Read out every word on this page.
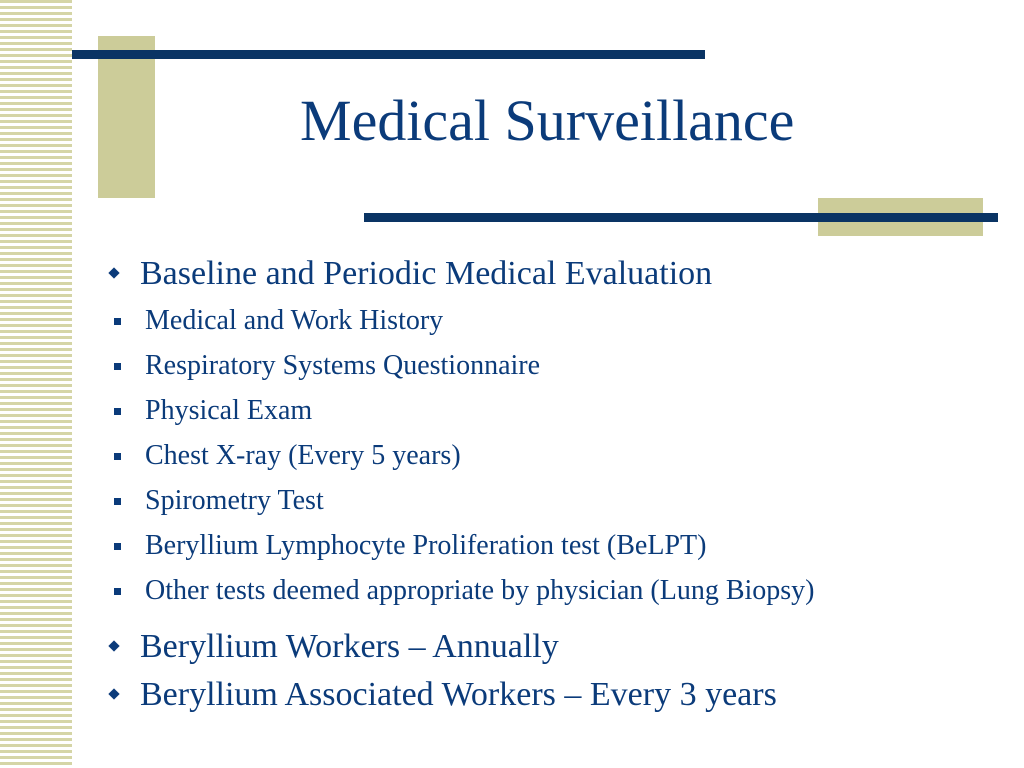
Medical Surveillance
Baseline and Periodic Medical Evaluation
Medical and Work History
Respiratory Systems Questionnaire
Physical Exam
Chest X-ray (Every 5 years)
Spirometry Test
Beryllium Lymphocyte Proliferation test (BeLPT)
Other tests deemed appropriate by physician (Lung Biopsy)
Beryllium Workers – Annually
Beryllium Associated Workers – Every 3 years
